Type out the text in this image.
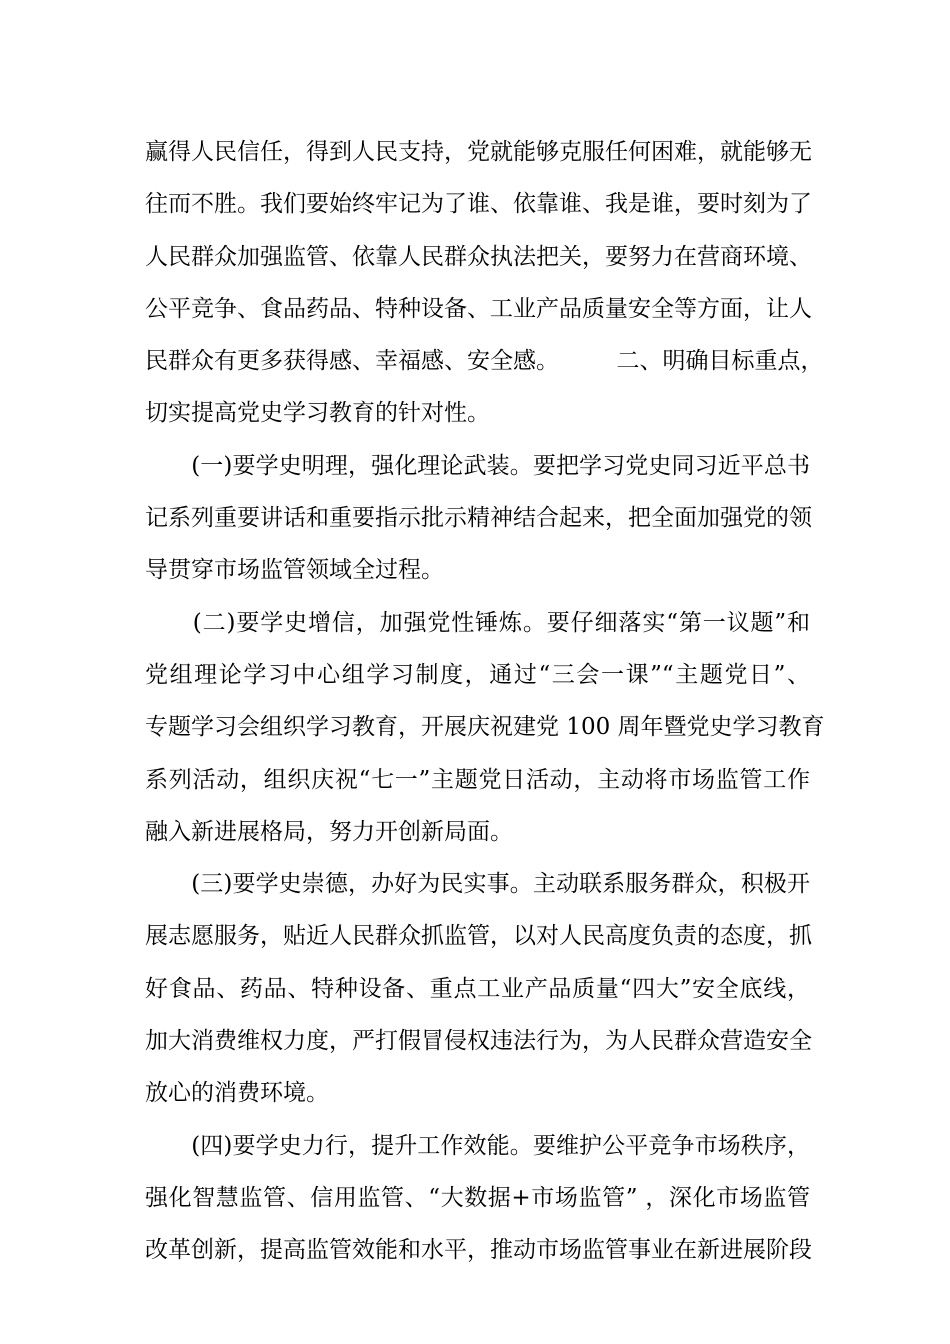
赢得人民信任，得到人民支持，党就能够克服任何困难，就能够无
往而不胜。我们要始终牢记为了谁、依靠谁、我是谁，要时刻为了
人民群众加强监管、依靠人民群众执法把关，要努力在营商环境、
公平竞争、食品药品、特种设备、工业产品质量安全等方面，让人
民群众有更多获得感、幸福感、安全感。　　　二、明确目标重点，
切实提高党史学习教育的针对性。
　　(一)要学史明理，强化理论武装。要把学习党史同习近平总书
记系列重要讲话和重要指示批示精神结合起来，把全面加强党的领
导贯穿市场监管领域全过程。
　　(二)要学史增信，加强党性锤炼。要仔细落实“第一议题”和
党组理论学习中心组学习制度，通过“三会一课”“主题党日”、
专题学习会组织学习教育，开展庆祝建党 100 周年暨党史学习教育
系列活动，组织庆祝“七一”主题党日活动，主动将市场监管工作
融入新进展格局，努力开创新局面。
　　(三)要学史崇德，办好为民实事。主动联系服务群众，积极开
展志愿服务，贴近人民群众抓监管，以对人民高度负责的态度，抓
好食品、药品、特种设备、重点工业产品质量“四大”安全底线，
加大消费维权力度，严打假冒侵权违法行为，为人民群众营造安全
放心的消费环境。
　　(四)要学史力行，提升工作效能。要维护公平竞争市场秩序，
强化智慧监管、信用监管、“大数据+市场监管” ，深化市场监管
改革创新，提高监管效能和水平，推动市场监管事业在新进展阶段
